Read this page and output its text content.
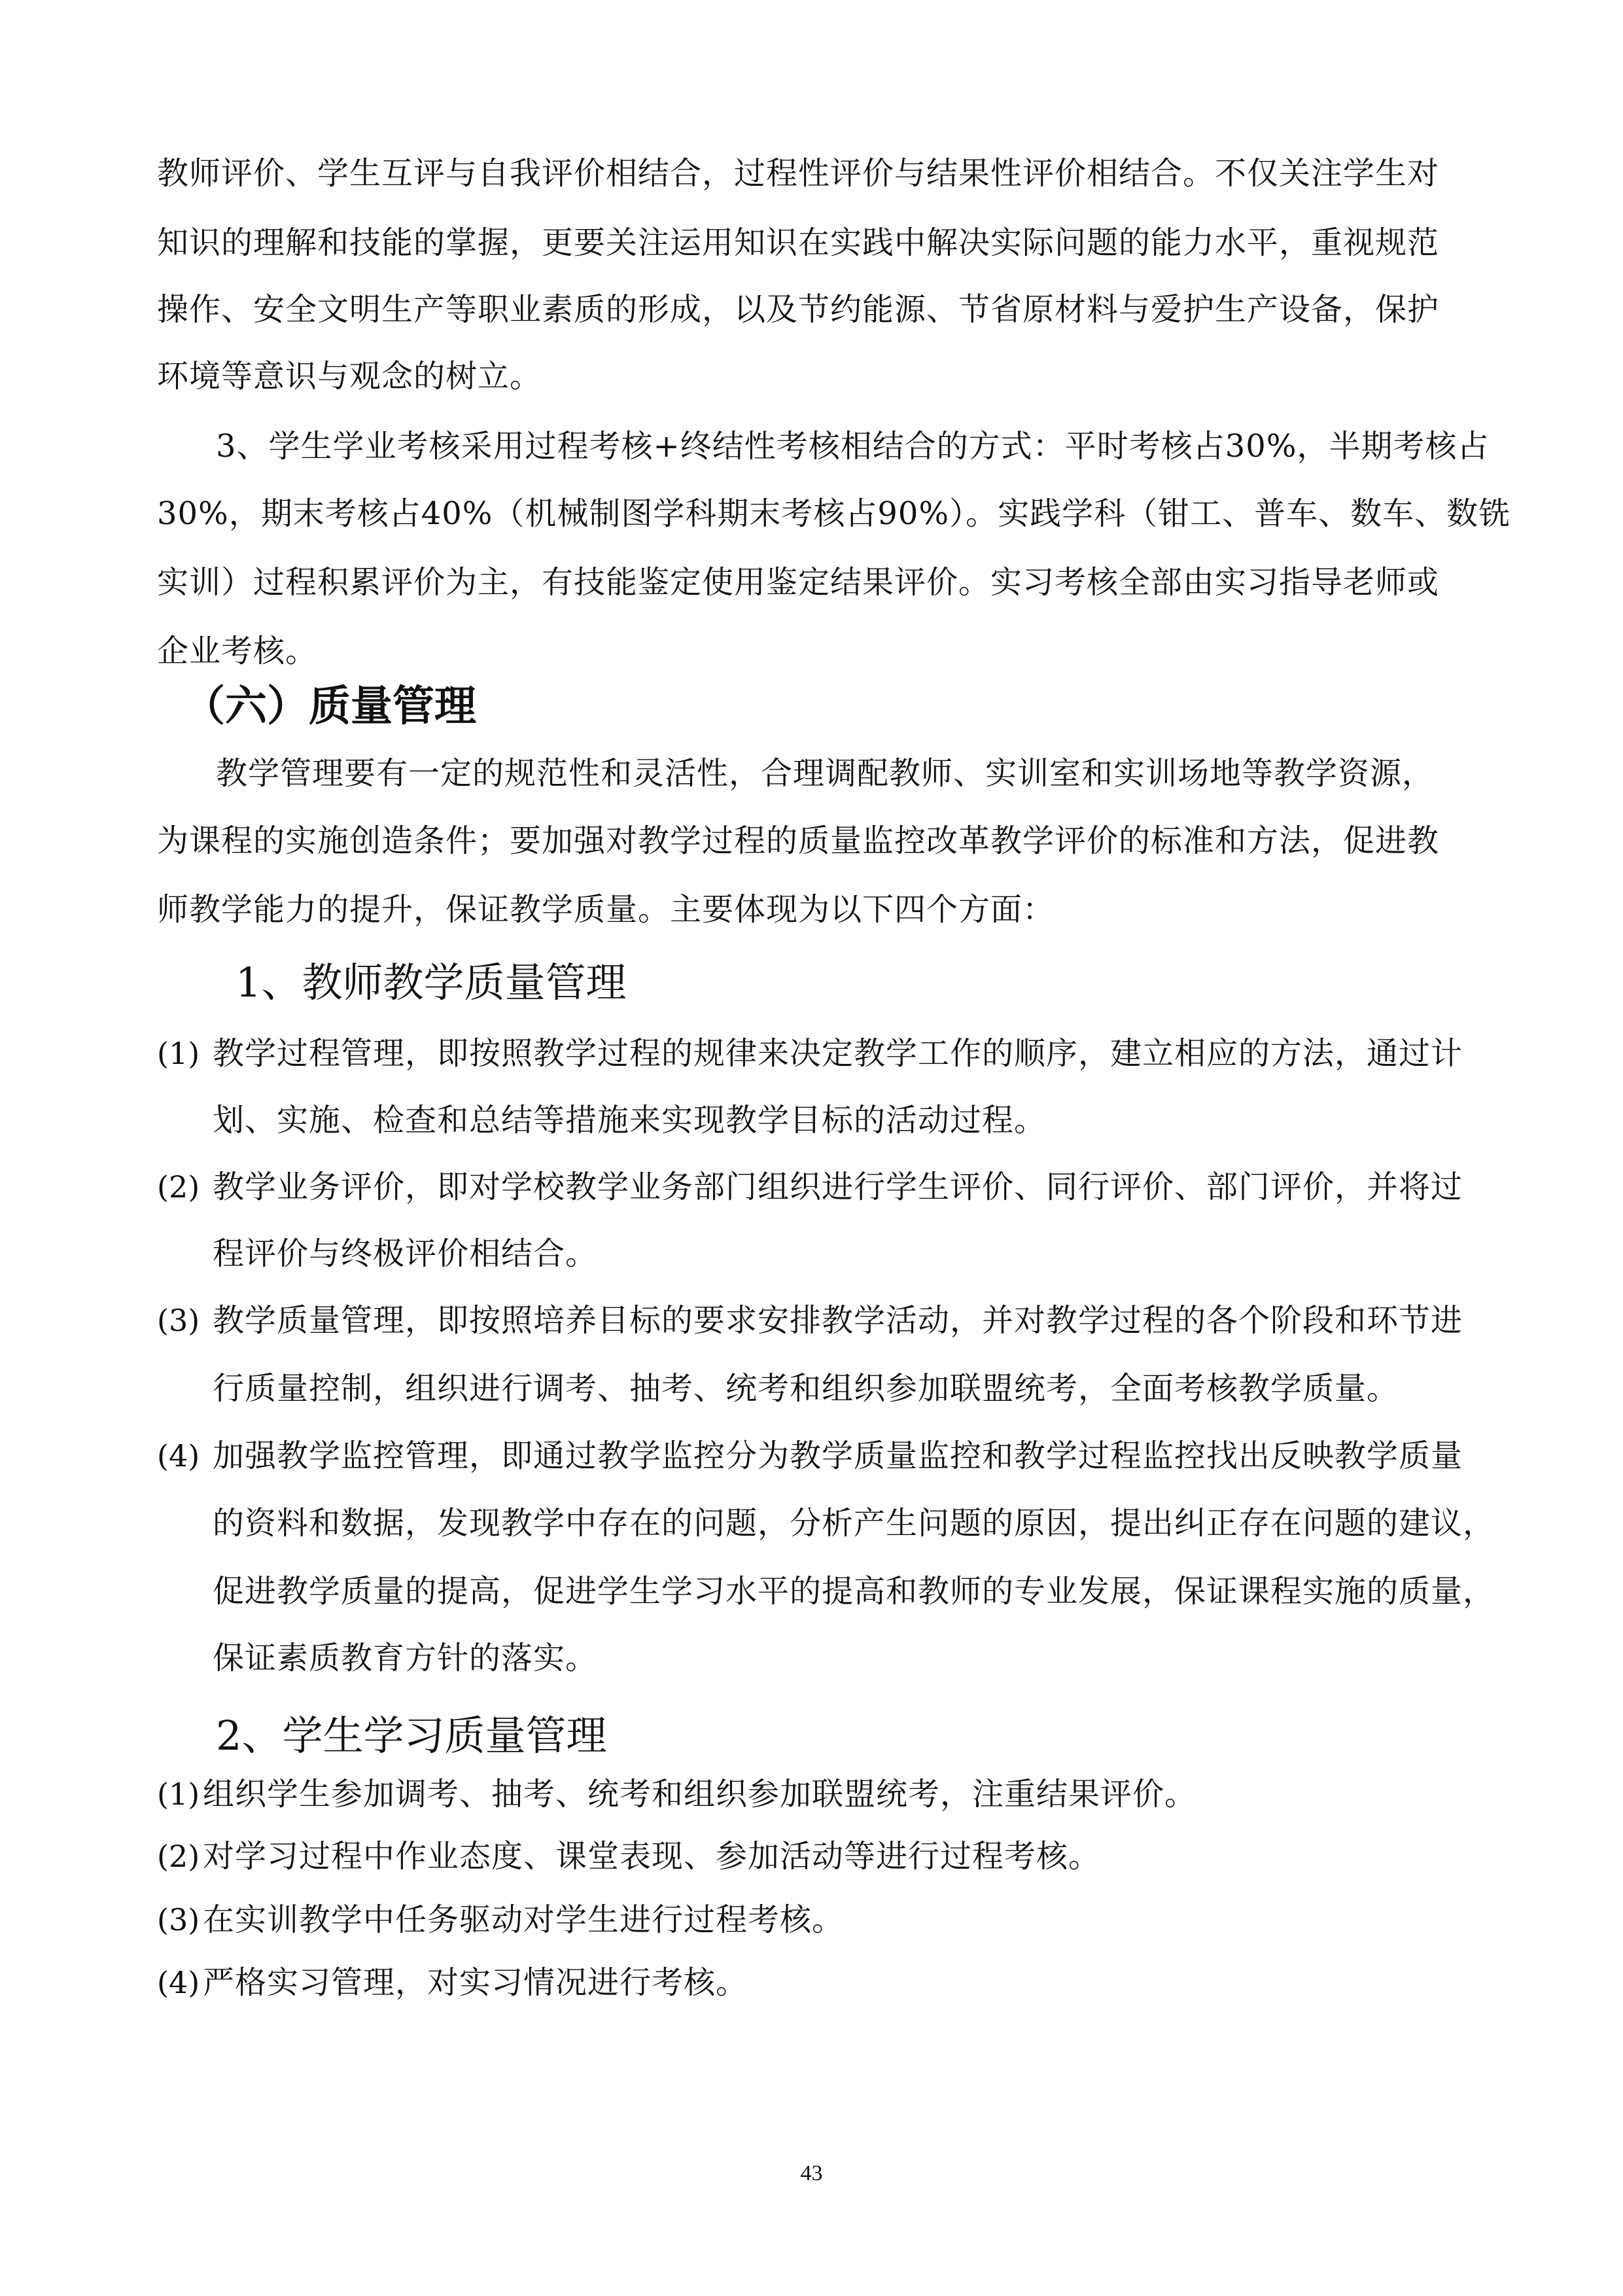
教师评价、学生互评与自我评价相结合，过程性评价与结果性评价相结合。不仅关注学生对

知识的理解和技能的掌握，更要关注运用知识在实践中解决实际问题的能力水平，重视规范

操作、安全文明生产等职业素质的形成，以及节约能源、节省原材料与爱护生产设备，保护

环境等意识与观念的树立。

3、学生学业考核采用过程考核+终结性考核相结合的方式：平时考核占30%，半期考核占

30%，期末考核占40%（机械制图学科期末考核占90%）。实践学科（钳工、普车、数车、数铣

实训）过程积累评价为主，有技能鉴定使用鉴定结果评价。实习考核全部由实习指导老师或

企业考核。

（六）质量管理

教学管理要有一定的规范性和灵活性，合理调配教师、实训室和实训场地等教学资源，

为课程的实施创造条件；要加强对教学过程的质量监控改革教学评价的标准和方法，促进教

师教学能力的提升，保证教学质量。主要体现为以下四个方面：

1、教师教学质量管理
(1) 教学过程管理，即按照教学过程的规律来决定教学工作的顺序，建立相应的方法，通过计
划、实施、检查和总结等措施来实现教学目标的活动过程。
(2) 教学业务评价，即对学校教学业务部门组织进行学生评价、同行评价、部门评价，并将过
程评价与终极评价相结合。
(3) 教学质量管理，即按照培养目标的要求安排教学活动，并对教学过程的各个阶段和环节进
行质量控制，组织进行调考、抽考、统考和组织参加联盟统考，全面考核教学质量。
(4) 加强教学监控管理，即通过教学监控分为教学质量监控和教学过程监控找出反映教学质量
的资料和数据，发现教学中存在的问题，分析产生问题的原因，提出纠正存在问题的建议，
促进教学质量的提高，促进学生学习水平的提高和教师的专业发展，保证课程实施的质量，
保证素质教育方针的落实。
2、学生学习质量管理
(1) 组织学生参加调考、抽考、统考和组织参加联盟统考，注重结果评价。
(2) 对学习过程中作业态度、课堂表现、参加活动等进行过程考核。
(3) 在实训教学中任务驱动对学生进行过程考核。
(4) 严格实习管理，对实习情况进行考核。
43
